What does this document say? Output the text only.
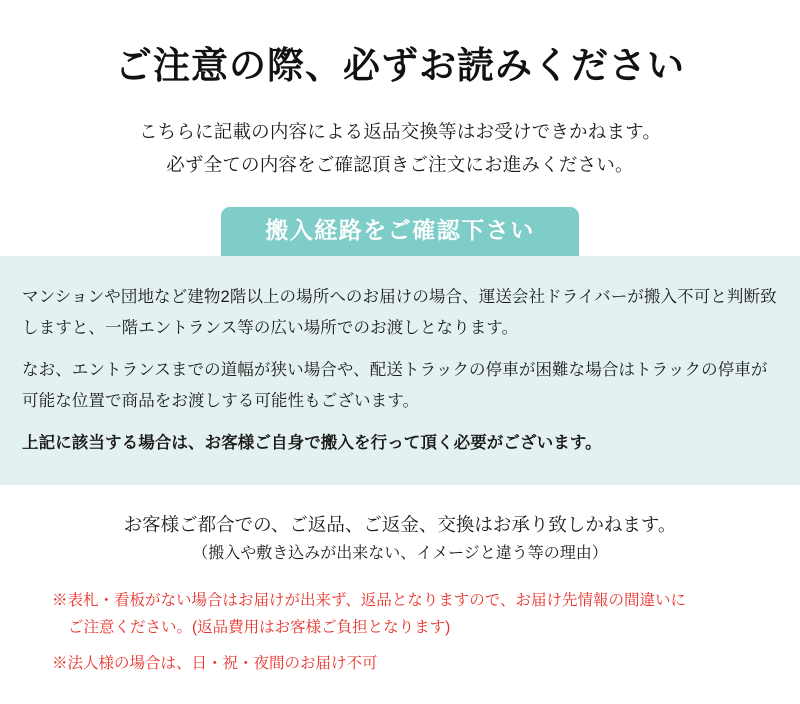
ご注意の際、必ずお読みください
こちらに記載の内容による返品交換等はお受けできかねます。
必ず全ての内容をご確認頂きご注文にお進みください。
搬入経路をご確認下さい
マンションや団地など建物2階以上の場所へのお届けの場合、運送会社ドライバーが搬入不可と判断致しますと、一階エントランス等の広い場所でのお渡しとなります。
なお、エントランスまでの道幅が狭い場合や、配送トラックの停車が困難な場合はトラックの停車が可能な位置で商品をお渡しする可能性もございます。
上記に該当する場合は、お客様ご自身で搬入を行って頂く必要がございます。
お客様ご都合での、ご返品、ご返金、交換はお承り致しかねます。
（搬入や敷き込みが出来ない、イメージと違う等の理由）
※表札・看板がない場合はお届けが出来ず、返品となりますので、お届け先情報の間違いに
ご注意ください。(返品費用はお客様ご負担となります)
※法人様の場合は、日・祝・夜間のお届け不可
